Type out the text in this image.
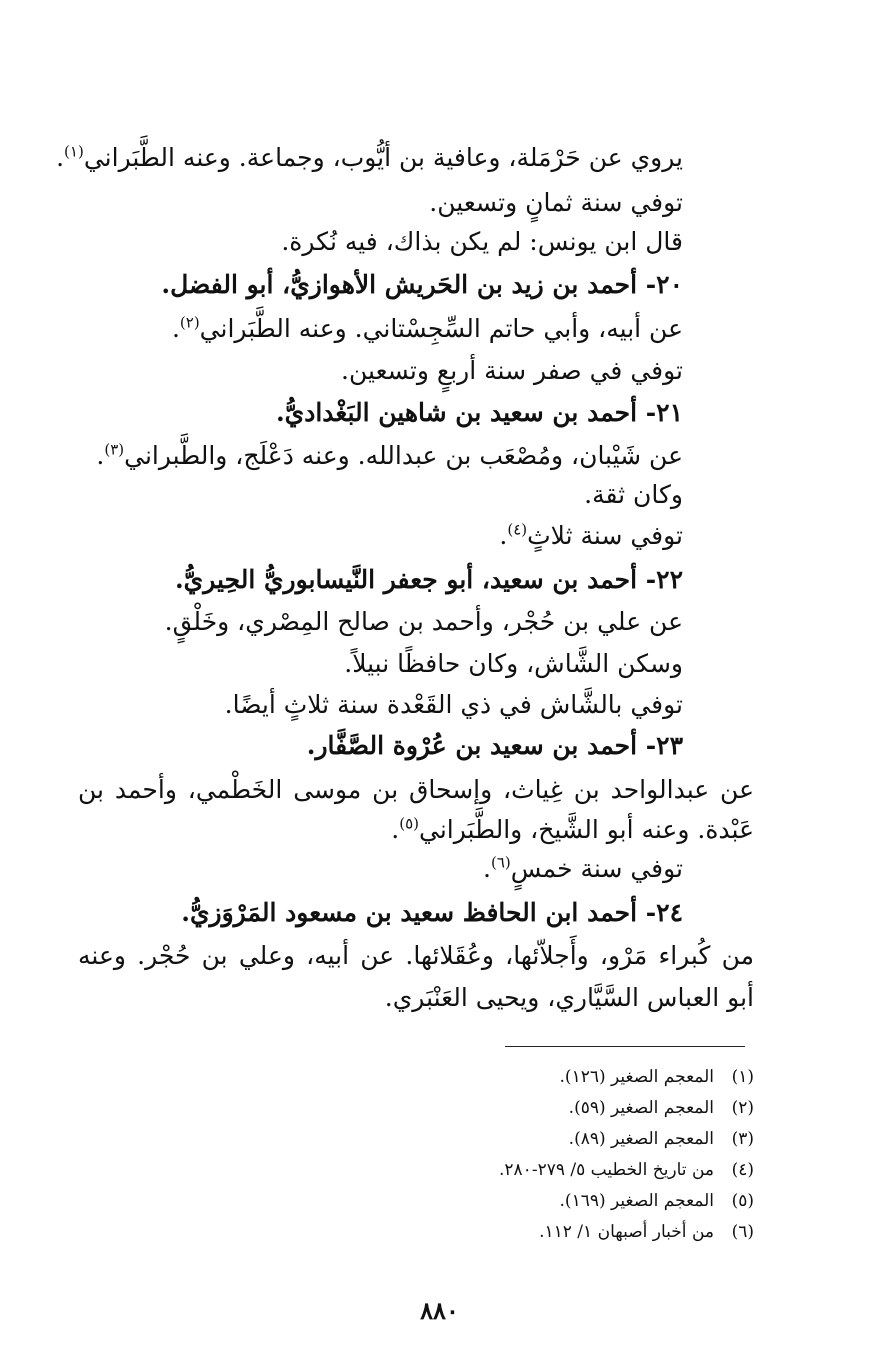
يروي عن حَرْمَلة، وعافية بن أيُّوب، وجماعة. وعنه الطَّبَراني$^{(١)}$.
توفي سنة ثمانٍ وتسعين.
قال ابن يونس: لم يكن بذاك، فيه نُكرة.
٢٠- أحمد بن زيد بن الحَريش الأهوازيُّ، أبو الفضل.
عن أبيه، وأبي حاتم السِّجِسْتاني. وعنه الطَّبَراني$^{(٢)}$.
توفي في صفر سنة أربعٍ وتسعين.
٢١- أحمد بن سعيد بن شاهين البَغْداديُّ.
عن شَيْبان، ومُصْعَب بن عبدالله. وعنه دَعْلَج، والطَّبراني$^{(٣)}$.
وكان ثقة.
توفي سنة ثلاثٍ$^{(٤)}$.
٢٢- أحمد بن سعيد، أبو جعفر النَّيسابوريُّ الحِيريُّ.
عن علي بن حُجْر، وأحمد بن صالح المِصْري، وخَلْقٍ.
وسكن الشَّاش، وكان حافظًا نبيلاً.
توفي بالشَّاش في ذي القَعْدة سنة ثلاثٍ أيضًا.
٢٣- أحمد بن سعيد بن عُرْوة الصَّفَّار.
عن عبدالواحد بن غِياث، وإسحاق بن موسى الخَطْمي، وأحمد بن
عَبْدة. وعنه أبو الشَّيخ، والطَّبَراني$^{(٥)}$.
توفي سنة خمسٍ$^{(٦)}$.
٢٤- أحمد ابن الحافظ سعيد بن مسعود المَرْوَزيُّ.
من كُبراء مَرْو، وأَجلاّئها، وعُقَلائها. عن أبيه، وعلي بن حُجْر. وعنه
أبو العباس السَّيَّاري، ويحيى العَنْبَري.
(١)المعجم الصغير (١٢٦).
(٢)المعجم الصغير (٥٩).
(٣)المعجم الصغير (٨٩).
(٤)من تاريخ الخطيب ٥/ ٢٧٩-٢٨٠.
(٥)المعجم الصغير (١٦٩).
(٦)من أخبار أصبهان ١/ ١١٢.
٨٨٠
